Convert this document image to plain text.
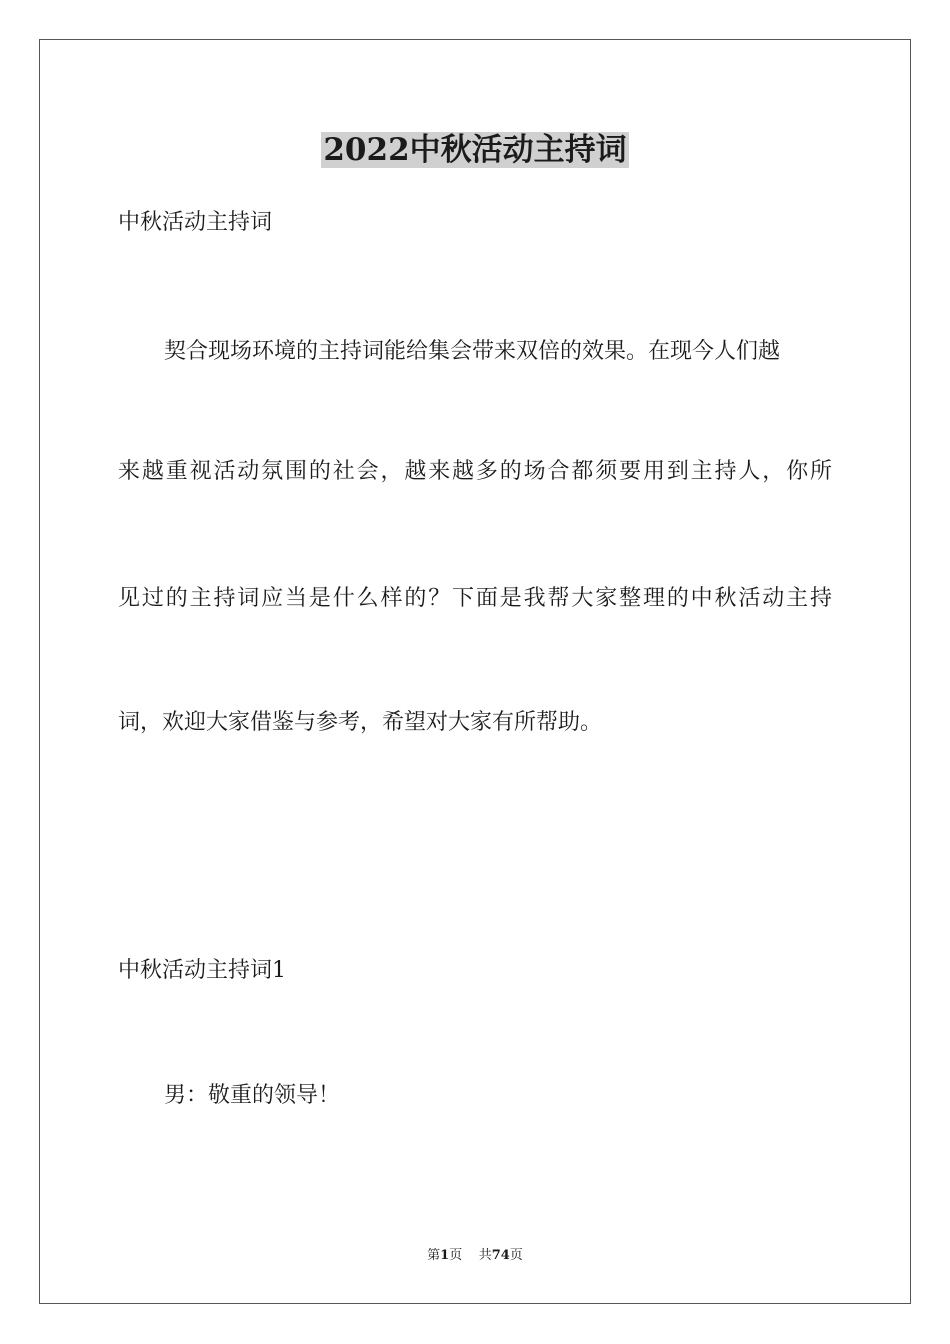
2022中秋活动主持词
中秋活动主持词
契合现场环境的主持词能给集会带来双倍的效果。在现今人们越
来越重视活动氛围的社会，越来越多的场合都须要用到主持人，你所
见过的主持词应当是什么样的？下面是我帮大家整理的中秋活动主持
词，欢迎大家借鉴与参考，希望对大家有所帮助。
中秋活动主持词1
男：敬重的领导！
第1页 共74页
